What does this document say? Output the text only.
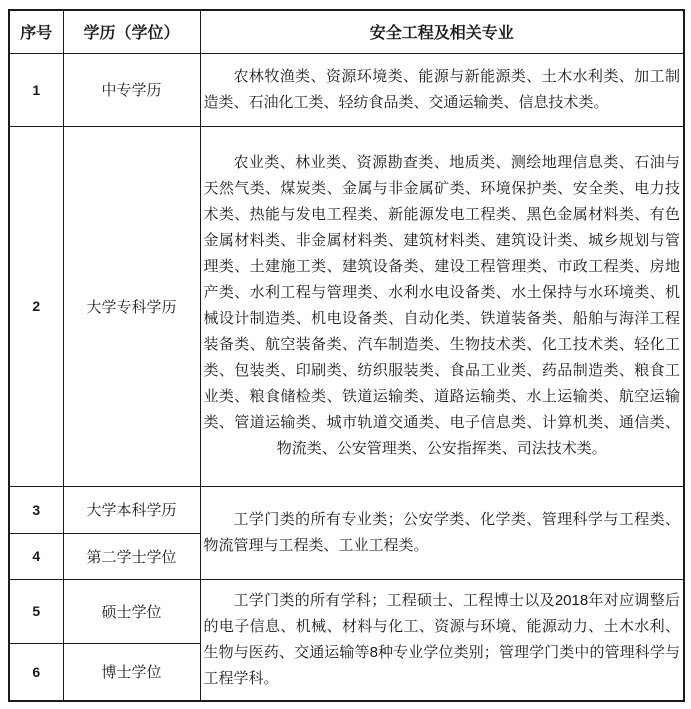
序号	学历（学位）	安全工程及相关专业
1	中专学历	农林牧渔类、资源环境类、能源与新能源类、土木水利类、加工制造类、石油化工类、轻纺食品类、交通运输类、信息技术类。

2	大学专科学历	农业类、林业类、资源勘查类、地质类、测绘地理信息类、石油与天然气类、煤炭类、金属与非金属矿类、环境保护类、安全类、电力技术类、热能与发电工程类、新能源发电工程类、黑色金属材料类、有色金属材料类、非金属材料类、建筑材料类、建筑设计类、城乡规划与管理类、土建施工类、建筑设备类、建设工程管理类、市政工程类、房地产类、水利工程与管理类、水利水电设备类、水土保持与水环境类、机械设计制造类、机电设备类、自动化类、铁道装备类、船舶与海洋工程装备类、航空装备类、汽车制造类、生物技术类、化工技术类、轻化工类、包装类、印刷类、纺织服装类、食品工业类、药品制造类、粮食工业类、粮食储检类、铁道运输类、道路运输类、水上运输类、航空运输类、管道运输类、城市轨道交通类、电子信息类、计算机类、通信类、物流类、公安管理类、公安指挥类、司法技术类。

3	大学本科学历	工学门类的所有专业类；公安学类、化学类、管理科学与工程类、物流管理与工程类、工业工程类。

4	第二学士学位	
5	硕士学位	工学门类的所有学科；工程硕士、工程博士以及2018年对应调整后的电子信息、机械、材料与化工、资源与环境、能源动力、土木水利、生物与医药、交通运输等8种专业学位类别；管理学门类中的管理科学与工程学科。

6	博士学位	
